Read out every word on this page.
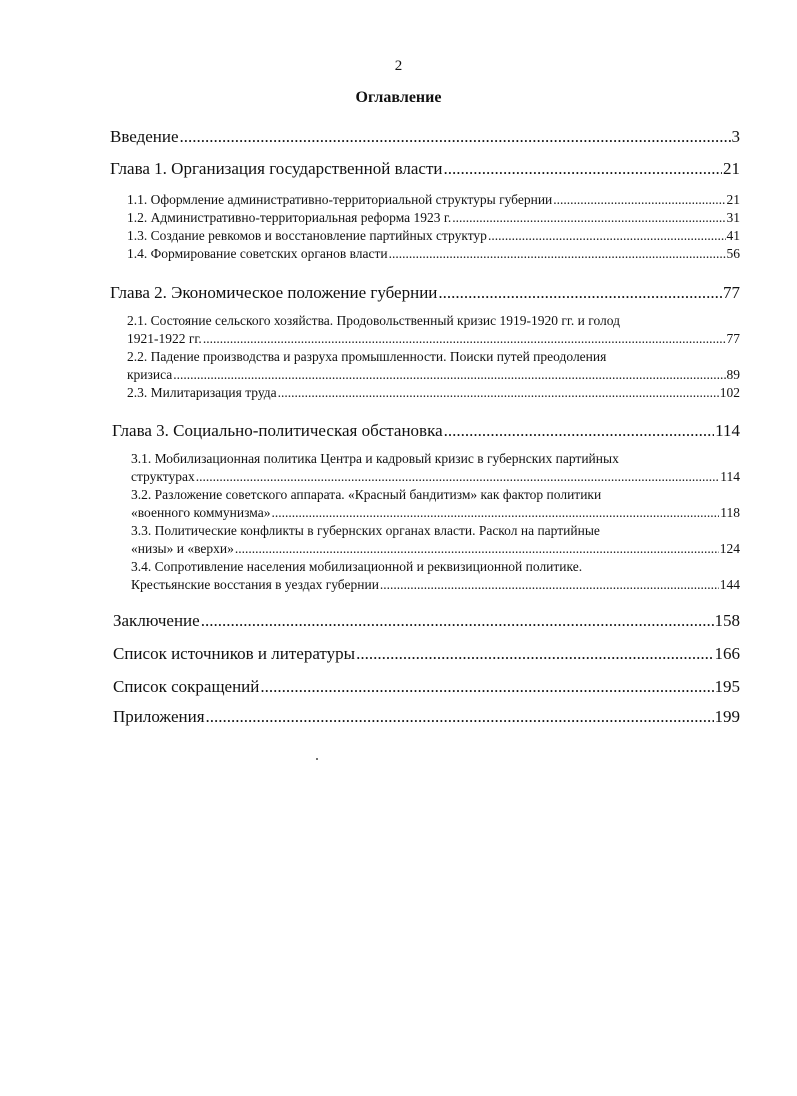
2
Оглавление
Введение .....	3
Глава 1. Организация государственной власти .....	21
1.1. Оформление административно-территориальной структуры губернии .....	21
1.2. Административно-территориальная реформа 1923 г. .....	31
1.3. Создание ревкомов и восстановление партийных структур .....	41
1.4. Формирование советских органов власти .....	56
Глава 2. Экономическое положение губернии .....	77
2.1. Состояние сельского хозяйства. Продовольственный кризис 1919-1920 гг. и голод
1921-1922 гг. .....	77
2.2. Падение производства и разруха промышленности. Поиски путей преодоления
кризиса .....	89
2.3. Милитаризация труда .....	102
Глава 3. Социально-политическая обстановка .....	114
3.1. Мобилизационная политика Центра и кадровый кризис в губернских партийных
структурах .....	114
3.2. Разложение советского аппарата. «Красный бандитизм» как фактор политики
«военного коммунизма» .....	118
3.3. Политические конфликты в губернских органах власти. Раскол на партийные
«низы» и «верхи» .....	124
3.4. Сопротивление населения мобилизационной и реквизиционной политике.
Крестьянские восстания в уездах губернии .....	144
Заключение .....	158
Список источников и литературы .....	166
Список сокращений .....	195
Приложения .....	199
